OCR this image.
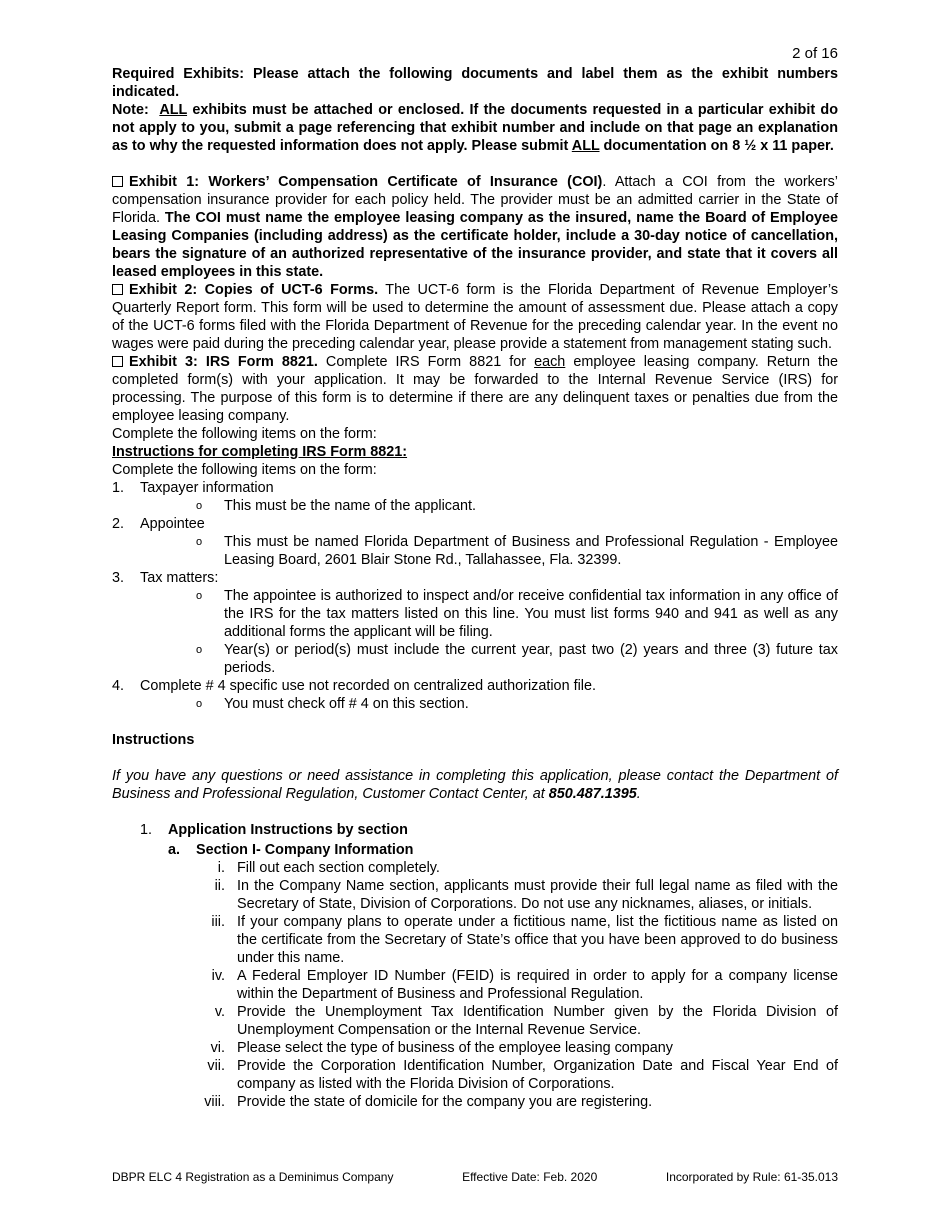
2 of 16

Required Exhibits: Please attach the following documents and label them as the exhibit numbers indicated.

Note: ALL exhibits must be attached or enclosed. If the documents requested in a particular exhibit do not apply to you, submit a page referencing that exhibit number and include on that page an explanation as to why the requested information does not apply. Please submit ALL documentation on 8 ½ x 11 paper.

Exhibit 1: Workers’ Compensation Certificate of Insurance (COI). Attach a COI from the workers’ compensation insurance provider for each policy held. The provider must be an admitted carrier in the State of Florida. The COI must name the employee leasing company as the insured, name the Board of Employee Leasing Companies (including address) as the certificate holder, include a 30-day notice of cancellation, bears the signature of an authorized representative of the insurance provider, and state that it covers all leased employees in this state.

Exhibit 2: Copies of UCT-6 Forms. The UCT-6 form is the Florida Department of Revenue Employer’s Quarterly Report form. This form will be used to determine the amount of assessment due. Please attach a copy of the UCT-6 forms filed with the Florida Department of Revenue for the preceding calendar year. In the event no wages were paid during the preceding calendar year, please provide a statement from management stating such.

Exhibit 3: IRS Form 8821. Complete IRS Form 8821 for each employee leasing company. Return the completed form(s) with your application. It may be forwarded to the Internal Revenue Service (IRS) for processing. The purpose of this form is to determine if there are any delinquent taxes or penalties due from the employee leasing company.

Complete the following items on the form:

Instructions for completing IRS Form 8821:

Complete the following items on the form:

1.	Taxpayer information
o	This must be the name of the applicant.
2.	Appointee
o	This must be named Florida Department of Business and Professional Regulation - Employee Leasing Board, 2601 Blair Stone Rd., Tallahassee, Fla. 32399.
3.	Tax matters:
o	The appointee is authorized to inspect and/or receive confidential tax information in any office of the IRS for the tax matters listed on this line. You must list forms 940 and 941 as well as any additional forms the applicant will be filing.
o	Year(s) or period(s) must include the current year, past two (2) years and three (3) future tax periods.
4.	Complete # 4 specific use not recorded on centralized authorization file.
o	You must check off # 4 on this section.

Instructions

If you have any questions or need assistance in completing this application, please contact the Department of Business and Professional Regulation, Customer Contact Center, at 850.487.1395.

1. Application Instructions by section
a. Section I- Company Information
i. Fill out each section completely.
ii. In the Company Name section, applicants must provide their full legal name as filed with the Secretary of State, Division of Corporations. Do not use any nicknames, aliases, or initials.
iii. If your company plans to operate under a fictitious name, list the fictitious name as listed on the certificate from the Secretary of State’s office that you have been approved to do business under this name.
iv. A Federal Employer ID Number (FEID) is required in order to apply for a company license within the Department of Business and Professional Regulation.
v. Provide the Unemployment Tax Identification Number given by the Florida Division of Unemployment Compensation or the Internal Revenue Service.
vi. Please select the type of business of the employee leasing company
vii. Provide the Corporation Identification Number, Organization Date and Fiscal Year End of company as listed with the Florida Division of Corporations.
viii. Provide the state of domicile for the company you are registering.
DBPR ELC 4 Registration as a Deminimus Company	Effective Date: Feb. 2020	Incorporated by Rule: 61-35.013
